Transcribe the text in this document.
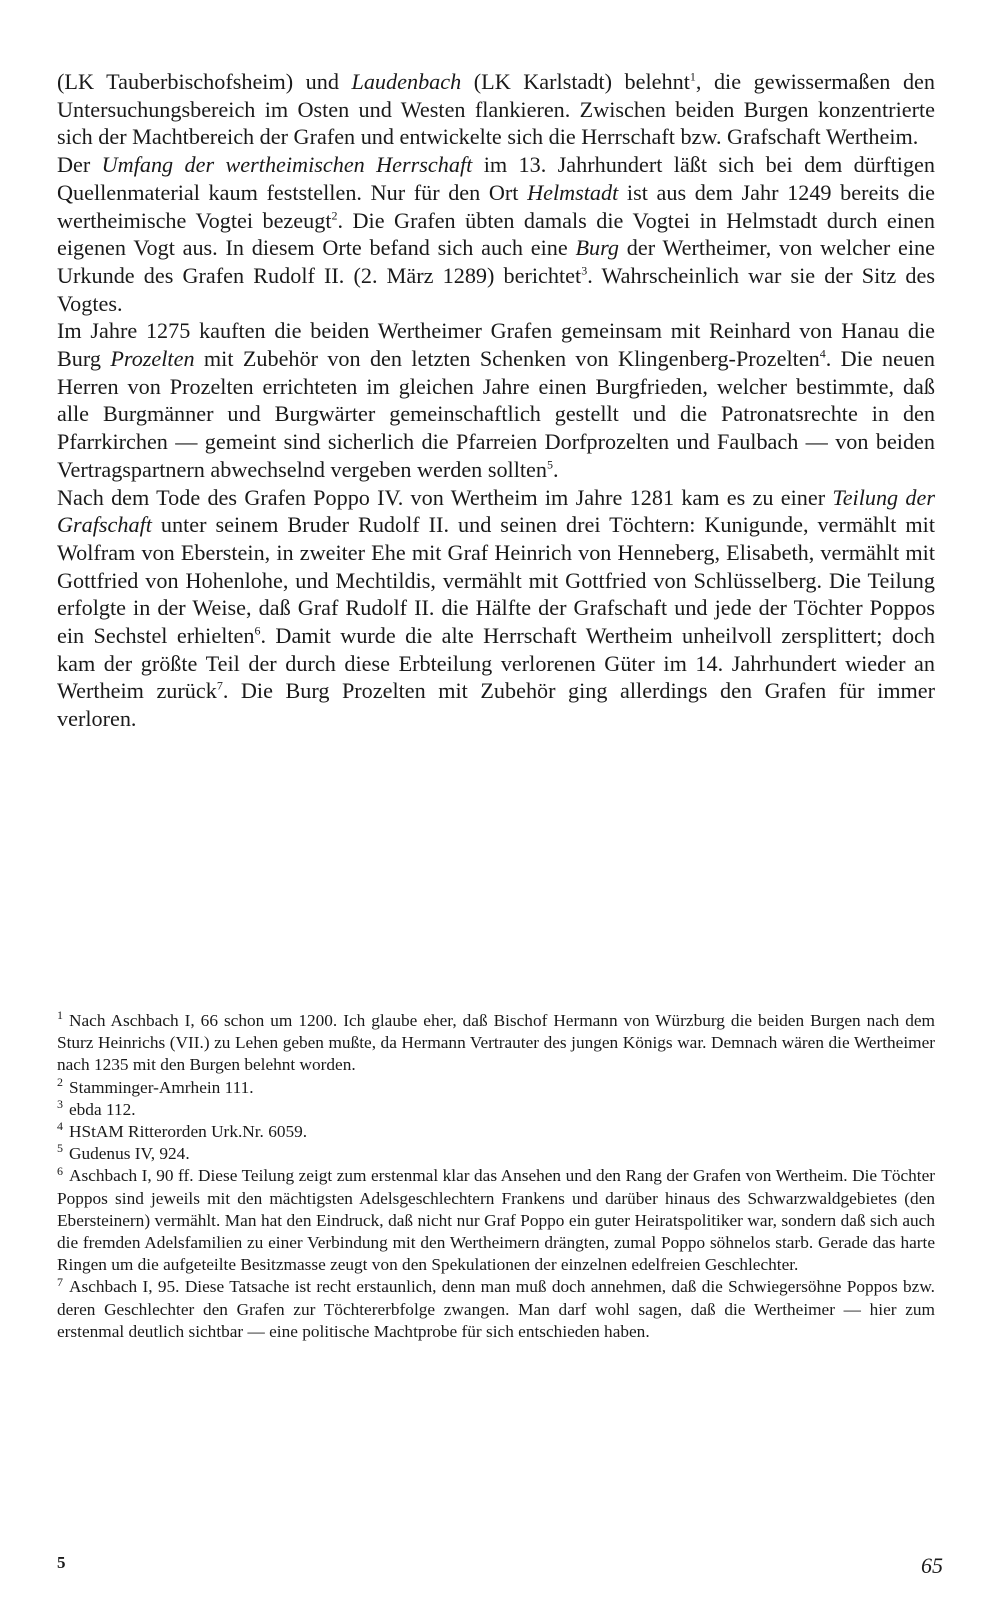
(LK Tauberbischofsheim) und Laudenbach (LK Karlstadt) belehnt$^1$, die gewissermaßen den Untersuchungsbereich im Osten und Westen flankieren. Zwischen beiden Burgen konzentrierte sich der Machtbereich der Grafen und entwickelte sich die Herrschaft bzw. Grafschaft Wertheim.

Der Umfang der wertheimischen Herrschaft im 13. Jahrhundert läßt sich bei dem dürftigen Quellenmaterial kaum feststellen. Nur für den Ort Helmstadt ist aus dem Jahr 1249 bereits die wertheimische Vogtei bezeugt$^2$. Die Grafen übten damals die Vogtei in Helmstadt durch einen eigenen Vogt aus. In diesem Orte befand sich auch eine Burg der Wertheimer, von welcher eine Urkunde des Grafen Rudolf II. (2. März 1289) berichtet$^3$. Wahrscheinlich war sie der Sitz des Vogtes.

Im Jahre 1275 kauften die beiden Wertheimer Grafen gemeinsam mit Reinhard von Hanau die Burg Prozelten mit Zubehör von den letzten Schenken von Klingenberg-Prozelten$^4$. Die neuen Herren von Prozelten errichteten im gleichen Jahre einen Burgfrieden, welcher bestimmte, daß alle Burgmänner und Burgwärter gemeinschaftlich gestellt und die Patronatsrechte in den Pfarrkirchen — gemeint sind sicherlich die Pfarreien Dorfprozelten und Faulbach — von beiden Vertragspartnern abwechselnd vergeben werden sollten$^5$.

Nach dem Tode des Grafen Poppo IV. von Wertheim im Jahre 1281 kam es zu einer Teilung der Grafschaft unter seinem Bruder Rudolf II. und seinen drei Töchtern: Kunigunde, vermählt mit Wolfram von Eberstein, in zweiter Ehe mit Graf Heinrich von Henneberg, Elisabeth, vermählt mit Gottfried von Hohenlohe, und Mechtildis, vermählt mit Gottfried von Schlüsselberg. Die Teilung erfolgte in der Weise, daß Graf Rudolf II. die Hälfte der Grafschaft und jede der Töchter Poppos ein Sechstel erhielten$^6$. Damit wurde die alte Herrschaft Wertheim unheilvoll zersplittert; doch kam der größte Teil der durch diese Erbteilung verlorenen Güter im 14. Jahrhundert wieder an Wertheim zurück$^7$. Die Burg Prozelten mit Zubehör ging allerdings den Grafen für immer verloren.

$^1$ Nach Aschbach I, 66 schon um 1200. Ich glaube eher, daß Bischof Hermann von Würzburg die beiden Burgen nach dem Sturz Heinrichs (VII.) zu Lehen geben mußte, da Hermann Vertrauter des jungen Königs war. Demnach wären die Wertheimer nach 1235 mit den Burgen belehnt worden.

$^2$ Stamminger-Amrhein 111.

$^3$ ebda 112.

$^4$ HStAM Ritterorden Urk.Nr. 6059.

$^5$ Gudenus IV, 924.

$^6$ Aschbach I, 90 ff. Diese Teilung zeigt zum erstenmal klar das Ansehen und den Rang der Grafen von Wertheim. Die Töchter Poppos sind jeweils mit den mächtigsten Adelsgeschlechtern Frankens und darüber hinaus des Schwarzwaldgebietes (den Ebersteinern) vermählt. Man hat den Eindruck, daß nicht nur Graf Poppo ein guter Heiratspolitiker war, sondern daß sich auch die fremden Adelsfamilien zu einer Verbindung mit den Wertheimern drängten, zumal Poppo söhnelos starb. Gerade das harte Ringen um die aufgeteilte Besitzmasse zeugt von den Spekulationen der einzelnen edelfreien Geschlechter.

$^7$ Aschbach I, 95. Diese Tatsache ist recht erstaunlich, denn man muß doch annehmen, daß die Schwiegersöhne Poppos bzw. deren Geschlechter den Grafen zur Töchtererbfolge zwangen. Man darf wohl sagen, daß die Wertheimer — hier zum erstenmal deutlich sichtbar — eine politische Machtprobe für sich entschieden haben.

5	65
